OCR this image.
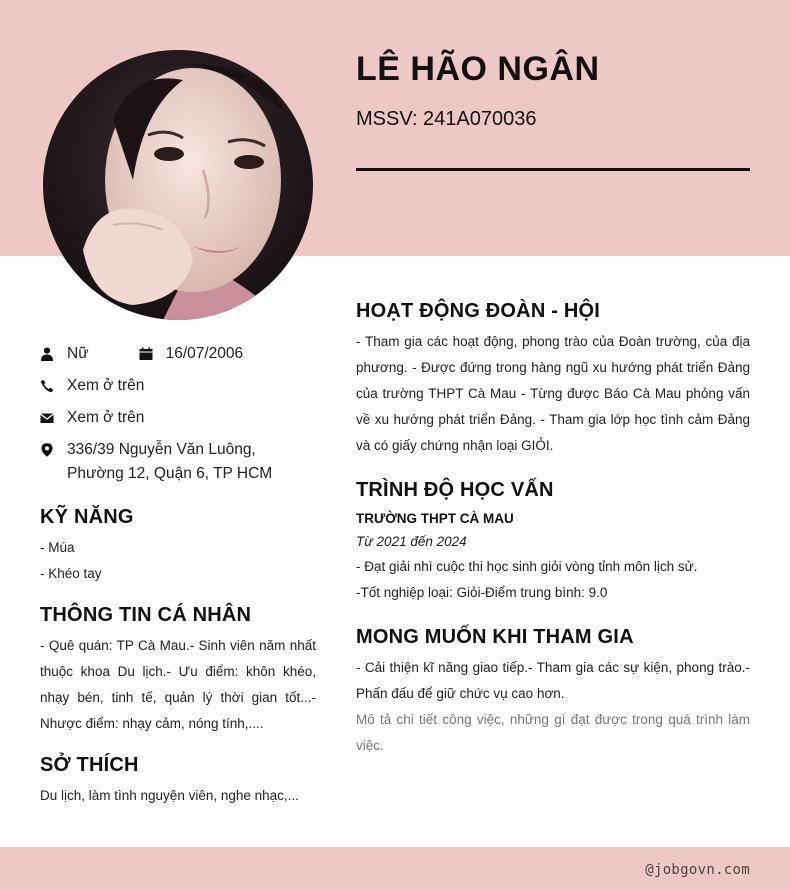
LÊ HÃO NGÂN
MSSV: 241A070036
Nữ	16/07/2006
Xem ở trên
Xem ở trên
336/39 Nguyễn Văn Luông,
Phường 12, Quận 6, TP HCM
KỸ NĂNG
- Múa
- Khéo tay
THÔNG TIN CÁ NHÂN
- Quê quán: TP Cà Mau.- Sinh viên năm nhất thuộc khoa Du lịch.- Ưu điểm: khôn khéo, nhạy bén, tinh tế, quản lý thời gian tốt...- Nhược điểm: nhạy cảm, nóng tính,....
SỞ THÍCH
Du lịch, làm tình nguyện viên, nghe nhạc,...
HOẠT ĐỘNG ĐOÀN - HỘI
- Tham gia các hoạt động, phong trào của Đoàn trường, của địa phương. - Được đứng trong hàng ngũ xu hướng phát triển Đảng của trường THPT Cà Mau - Từng được Báo Cà Mau phỏng vấn về xu hướng phát triển Đảng. - Tham gia lớp học tình cảm Đảng và có giấy chứng nhận loại GIỎI.
TRÌNH ĐỘ HỌC VẤN
TRƯỜNG THPT CÀ MAU
Từ 2021 đến 2024
- Đạt giải nhì cuộc thi học sinh giỏi vòng tỉnh môn lịch sử.
-Tốt nghiệp loại: Giỏi-Điểm trung bình: 9.0
MONG MUỐN KHI THAM GIA
- Cải thiện kĩ năng giao tiếp.- Tham gia các sự kiện, phong trào.- Phấn đấu để giữ chức vụ cao hơn.
Mô tả chi tiết công việc, những gì đạt được trong quá trình làm việc.
@jobgovn.com
